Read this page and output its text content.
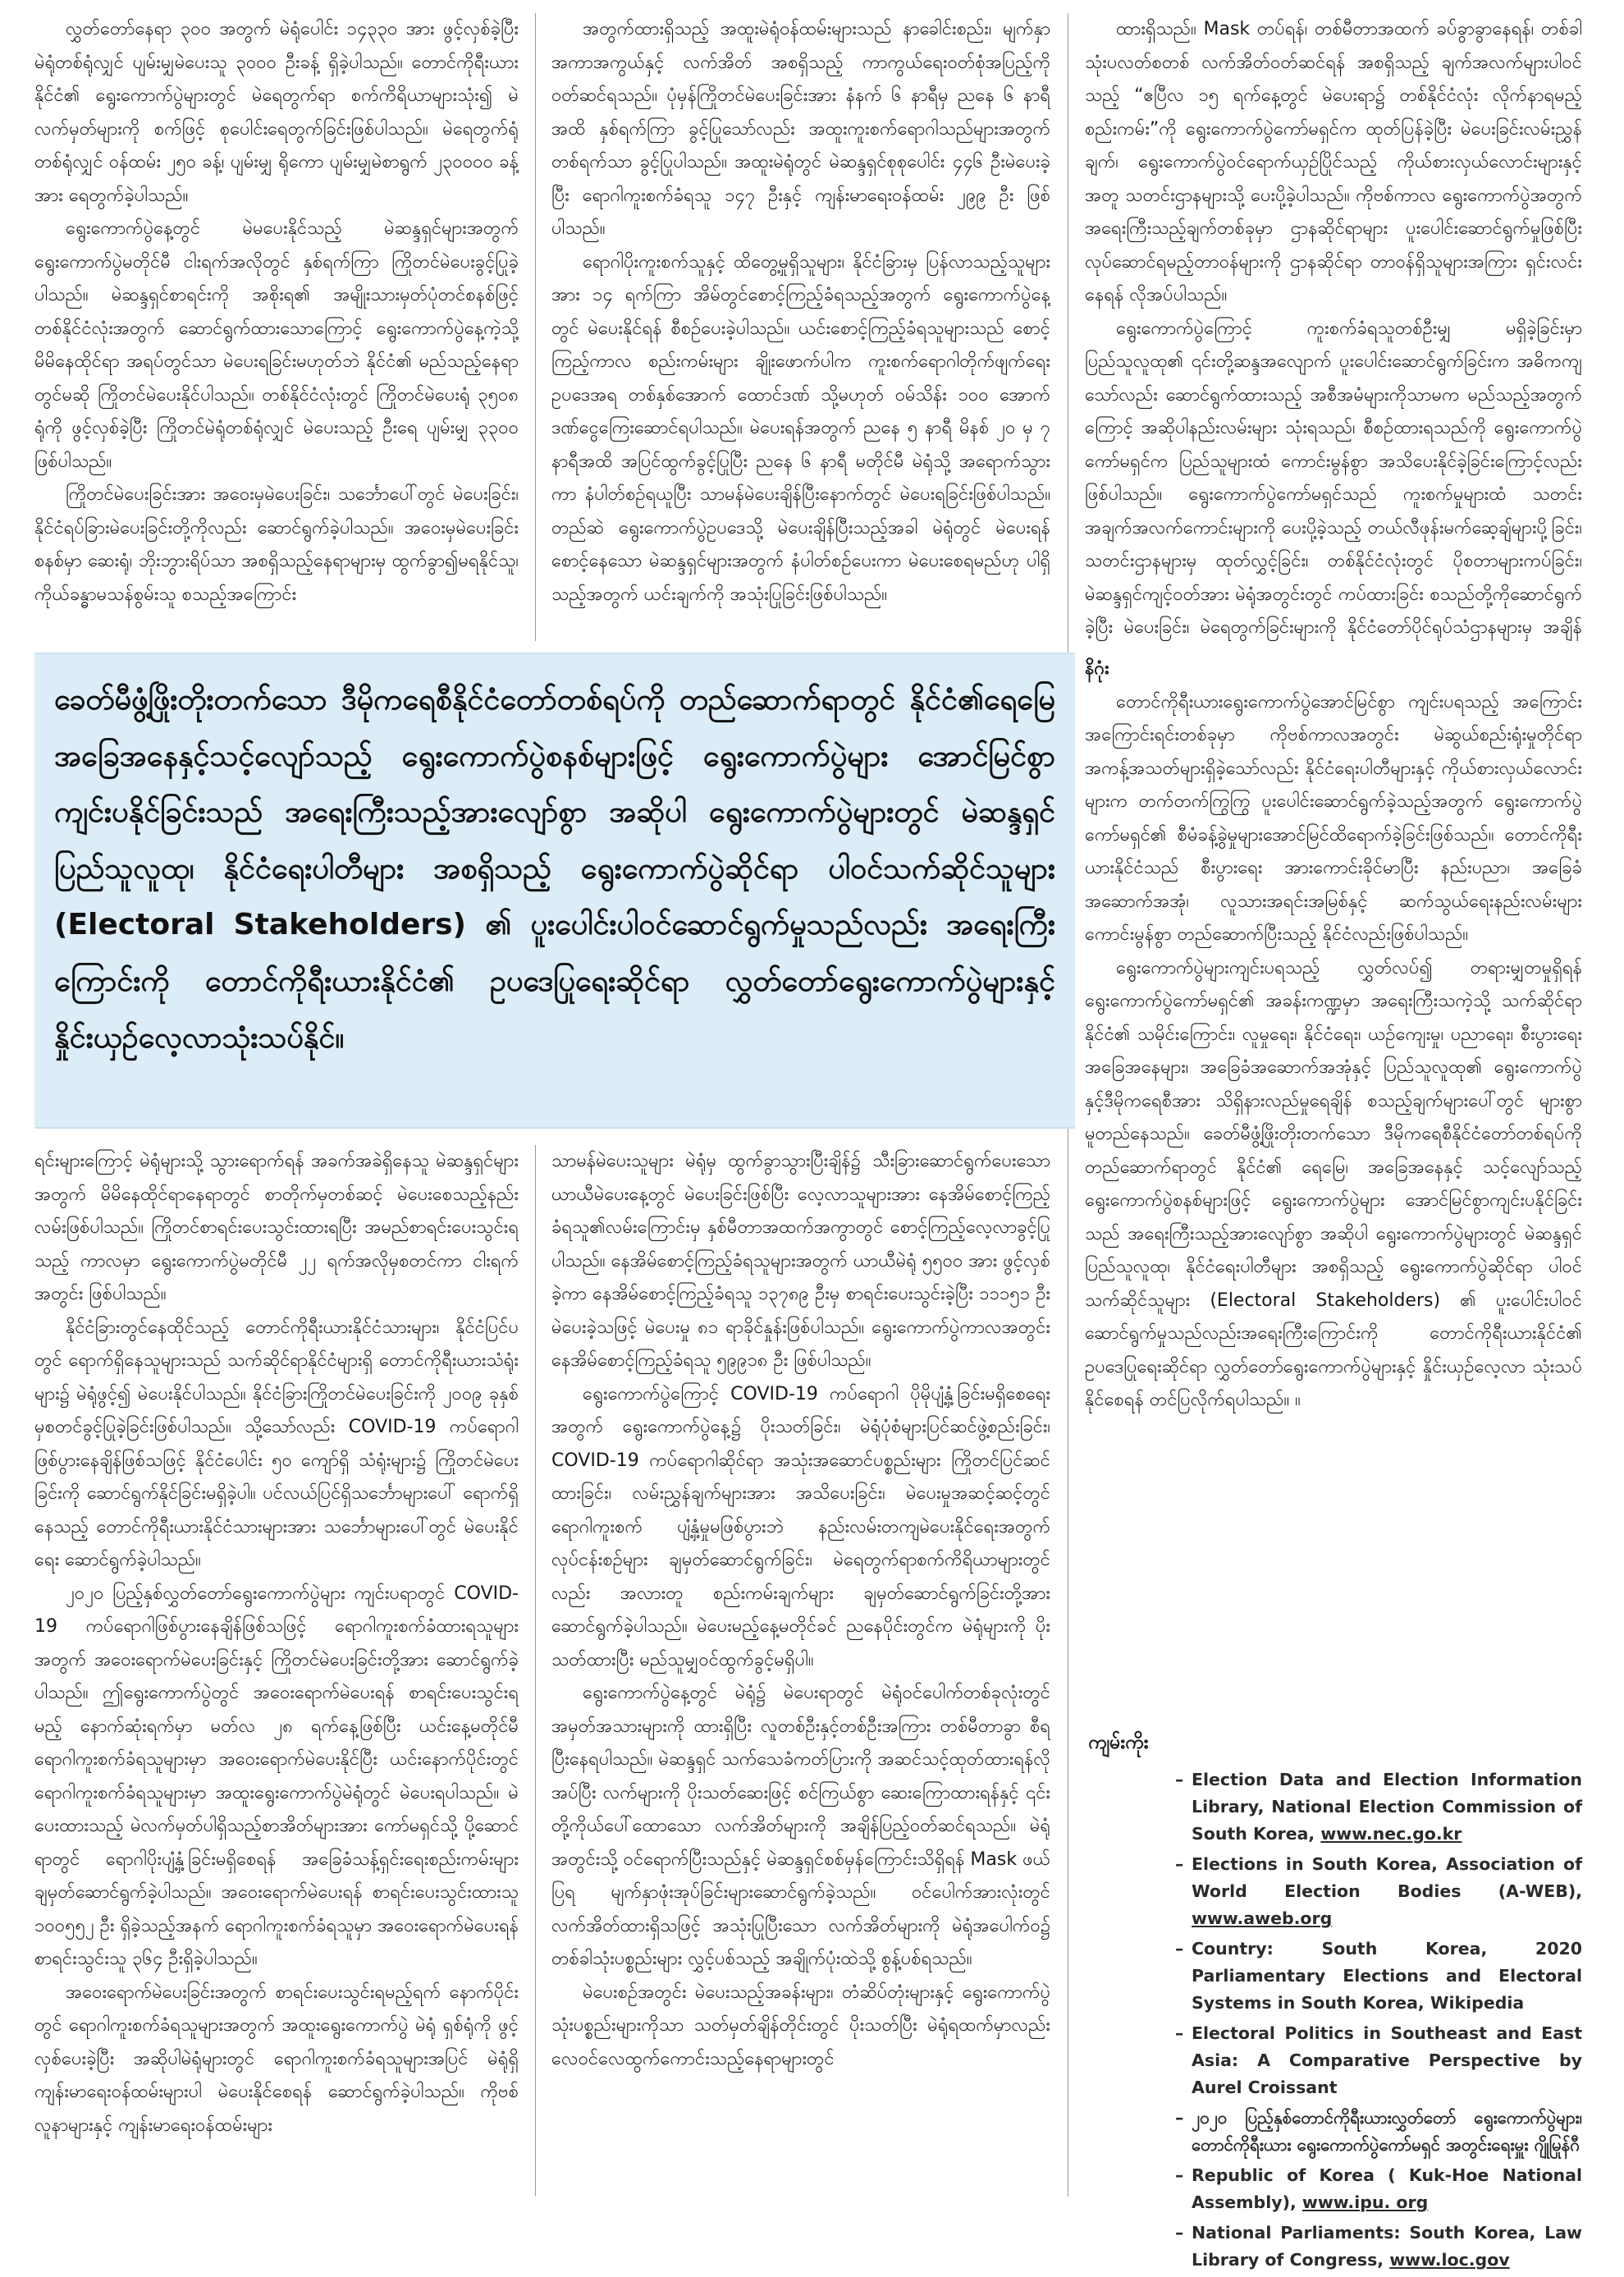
လွှတ်တော်နေရာ ၃၀၀ အတွက် မဲရုံပေါင်း ၁၄၃၃၀ အား ဖွင့်လှစ်ခဲ့ပြီး မဲရုံတစ်ရုံလျှင် ပျမ်းမျှမဲပေးသူ ၃၀၀၀ ဦးခန့် ရှိခဲ့ပါသည်။ တောင်ကိုရီးယားနိုင်ငံ၏ ရွေးကောက်ပွဲများတွင် မဲရေတွက်ရာ စက်ကိရိယာများသုံး၍ မဲလက်မှတ်များကို စက်ဖြင့် စုပေါင်းရေတွက်ခြင်းဖြစ်ပါသည်။ မဲရေတွက်ရုံတစ်ရုံလျှင် ဝန်ထမ်း ၂၅၀ ခန့်၊ ပျမ်းမျှ ရိုကော ပျမ်းမျှမဲစာရွက် ၂၃၀၀၀၀ ခန့်အား ရေတွက်ခဲ့ပါသည်။

ရွေးကောက်ပွဲနေ့တွင် မဲမပေးနိုင်သည့် မဲဆန္ဒရှင်များအတွက် ရွေးကောက်ပွဲမတိုင်မီ ငါးရက်အလိုတွင် နှစ်ရက်ကြာ ကြိုတင်မဲပေးခွင့်ပြုခဲ့ပါသည်။ မဲဆန္ဒရှင်စာရင်းကို အစိုးရ၏ အမျိုးသားမှတ်ပုံတင်စနစ်ဖြင့် တစ်နိုင်ငံလုံးအတွက် ဆောင်ရွက်ထားသောကြောင့် ရွေးကောက်ပွဲနေ့ကဲ့သို့ မိမိနေထိုင်ရာ အရပ်တွင်သာ မဲပေးရခြင်းမဟုတ်ဘဲ နိုင်ငံ၏ မည်သည့်နေရာတွင်မဆို ကြိုတင်မဲပေးနိုင်ပါသည်။ တစ်နိုင်ငံလုံးတွင် ကြိုတင်မဲပေးရုံ ၃၅၀၈ ရုံကို ဖွင့်လှစ်ခဲ့ပြီး ကြိုတင်မဲရုံတစ်ရုံလျှင် မဲပေးသည့် ဦးရေ ပျမ်းမျှ ၃၃၀၀ ဖြစ်ပါသည်။

ကြိုတင်မဲပေးခြင်းအား အဝေးမှမဲပေးခြင်း၊ သင်္ဘောပေါ်တွင် မဲပေးခြင်း၊ နိုင်ငံရပ်ခြားမဲပေးခြင်းတို့ကိုလည်း ဆောင်ရွက်ခဲ့ပါသည်။ အဝေးမှမဲပေးခြင်းစနစ်မှာ ဆေးရုံ၊ ဘိုးဘွားရိပ်သာ အစရှိသည့်နေရာများမှ ထွက်ခွာ၍မရနိုင်သူ၊ ကိုယ်ခန္ဓာမသန်စွမ်းသူ စသည့်အကြောင်း

အတွက်ထားရှိသည့် အထူးမဲရုံဝန်ထမ်းများသည် နာခေါင်းစည်း၊ မျက်နှာအကာအကွယ်နှင့် လက်အိတ် အစရှိသည့် ကာကွယ်ရေးဝတ်စုံအပြည့်ကို ဝတ်ဆင်ရသည်။ ပုံမှန်ကြိုတင်မဲပေးခြင်းအား နံနက် ၆ နာရီမှ ညနေ ၆ နာရီအထိ နှစ်ရက်ကြာ ခွင့်ပြုသော်လည်း အထူးကူးစက်ရောဂါသည်များအတွက် တစ်ရက်သာ ခွင့်ပြုပါသည်။ အထူးမဲရုံတွင် မဲဆန္ဒရှင်စုစုပေါင်း ၄၄၆ ဦးမဲပေးခဲ့ပြီး ရောဂါကူးစက်ခံရသူ ၁၄၇ ဦးနှင့် ကျန်းမာရေးဝန်ထမ်း ၂၉၉ ဦး ဖြစ်ပါသည်။

ရောဂါပိုးကူးစက်သူနှင့် ထိတွေ့မှုရှိသူများ၊ နိုင်ငံခြားမှ ပြန်လာသည့်သူများအား ၁၄ ရက်ကြာ အိမ်တွင်စောင့်ကြည့်ခံရသည့်အတွက် ရွေးကောက်ပွဲနေ့တွင် မဲပေးနိုင်ရန် စီစဉ်ပေးခဲ့ပါသည်။ ယင်းစောင့်ကြည့်ခံရသူများသည် စောင့်ကြည့်ကာလ စည်းကမ်းများ ချိုးဖောက်ပါက ကူးစက်ရောဂါတိုက်ဖျက်ရေးဥပဒေအရ တစ်နှစ်အောက် ထောင်ဒဏ် သို့မဟုတ် ဝမ်သိန်း ၁၀၀ အောက် ဒဏ်ငွေကြေးဆောင်ရပါသည်။ မဲပေးရန်အတွက် ညနေ ၅ နာရီ မိနစ် ၂၀ မှ ၇ နာရီအထိ အပြင်ထွက်ခွင့်ပြုပြီး ညနေ ၆ နာရီ မတိုင်မီ မဲရုံသို့ အရောက်သွားကာ နံပါတ်စဉ်ရယူပြီး သာမန်မဲပေးချိန်ပြီးနောက်တွင် မဲပေးရခြင်းဖြစ်ပါသည်။ တည်ဆဲ ရွေးကောက်ပွဲဥပဒေသို့ မဲပေးချိန်ပြီးသည့်အခါ မဲရုံတွင် မဲပေးရန်စောင့်နေသော မဲဆန္ဒရှင်များအတွက် နံပါတ်စဉ်ပေးကာ မဲပေးစေရမည်ဟု ပါရှိသည့်အတွက် ယင်းချက်ကို အသုံးပြုခြင်းဖြစ်ပါသည်။

ထားရှိသည်။ Mask တပ်ရန်၊ တစ်မီတာအထက် ခပ်ခွာခွာနေရန်၊ တစ်ခါသုံးပလတ်စတစ် လက်အိတ်ဝတ်ဆင်ရန် အစရှိသည့် ချက်အလက်များပါဝင်သည့် “ဧပြီလ ၁၅ ရက်နေ့တွင် မဲပေးရာ၌ တစ်နိုင်ငံလုံး လိုက်နာရမည့်စည်းကမ်း”ကို ရွေးကောက်ပွဲကော်မရှင်က ထုတ်ပြန်ခဲ့ပြီး မဲပေးခြင်းလမ်းညွှန်ချက်၊ ရွေးကောက်ပွဲဝင်ရောက်ယှဉ်ပြိုင်သည့် ကိုယ်စားလှယ်လောင်းများနှင့်အတူ သတင်းဌာနများသို့ ပေးပို့ခဲ့ပါသည်။ ကိုဗစ်ကာလ ရွေးကောက်ပွဲအတွက် အရေးကြီးသည့်ချက်တစ်ခုမှာ ဌာနဆိုင်ရာများ ပူးပေါင်းဆောင်ရွက်မှုဖြစ်ပြီး လုပ်ဆောင်ရမည့်တာဝန်များကို ဌာနဆိုင်ရာ တာဝန်ရှိသူများအကြား ရှင်းလင်းနေရန် လိုအပ်ပါသည်။

ရွေးကောက်ပွဲကြောင့် ကူးစက်ခံရသူတစ်ဦးမျှ မရှိခဲ့ခြင်းမှာ ပြည်သူလူထု၏ ၎င်းတို့ဆန္ဒအလျောက် ပူးပေါင်းဆောင်ရွက်ခြင်းက အဓိကကျသော်လည်း ဆောင်ရွက်ထားသည့် အစီအမံများကိုသာမက မည်သည့်အတွက်ကြောင့် အဆိုပါနည်းလမ်းများ သုံးရသည်၊ စီစဉ်ထားရသည်ကို ရွေးကောက်ပွဲကော်မရှင်က ပြည်သူများထံ ကောင်းမွန်စွာ အသိပေးနိုင်ခဲ့ခြင်းကြောင့်လည်း ဖြစ်ပါသည်။ ရွေးကောက်ပွဲကော်မရှင်သည် ကူးစက်မှုများထံ သတင်းအချက်အလက်ကောင်းများကို ပေးပို့ခဲ့သည့် တယ်လီဖုန်းမက်ဆေ့ချ်များပို့ခြင်း၊ သတင်းဌာနများမှ ထုတ်လွှင့်ခြင်း၊ တစ်နိုင်ငံလုံးတွင် ပိုစတာများကပ်ခြင်း၊ မဲဆန္ဒရှင်ကျင့်ဝတ်အား မဲရုံအတွင်းတွင် ကပ်ထားခြင်း စသည်တို့ကိုဆောင်ရွက်ခဲ့ပြီး မဲပေးခြင်း၊ မဲရေတွက်ခြင်းများကို နိုင်ငံတော်ပိုင်ရုပ်သံဌာနများမှ အချိန်

ခေတ်မီဖွံ့ဖြိုးတိုးတက်သော ဒီမိုကရေစီနိုင်ငံတော်တစ်ရပ်ကို တည်ဆောက်ရာတွင် နိုင်ငံ၏ရေမြေ အခြေအနေနှင့်သင့်လျော်သည့် ရွေးကောက်ပွဲစနစ်များဖြင့် ရွေးကောက်ပွဲများ အောင်မြင်စွာကျင်းပနိုင်ခြင်းသည် အရေးကြီးသည့်အားလျော်စွာ အဆိုပါ ရွေးကောက်ပွဲများတွင် မဲဆန္ဒရှင်ပြည်သူလူထု၊ နိုင်ငံရေးပါတီများ အစရှိသည့် ရွေးကောက်ပွဲဆိုင်ရာ ပါဝင်သက်ဆိုင်သူများ (Electoral Stakeholders) ၏ ပူးပေါင်းပါဝင်ဆောင်ရွက်မှုသည်လည်း အရေးကြီးကြောင်းကို တောင်ကိုရီးယားနိုင်ငံ၏ ဥပဒေပြုရေးဆိုင်ရာ လွှတ်တော်ရွေးကောက်ပွဲများနှင့် နှိုင်းယှဉ်လေ့လာသုံးသပ်နိုင်။

နိဂုံး

တောင်ကိုရီးယားရွေးကောက်ပွဲအောင်မြင်စွာ ကျင်းပရသည့် အကြောင်းအကြောင်းရင်းတစ်ခုမှာ ကိုဗစ်ကာလအတွင်း မဲဆွယ်စည်းရုံးမှုတိုင်ရာ အကန့်အသတ်များရှိခဲ့သော်လည်း နိုင်ငံရေးပါတီများနှင့် ကိုယ်စားလှယ်လောင်းများက တက်တက်ကြွကြွ ပူးပေါင်းဆောင်ရွက်ခဲ့သည့်အတွက် ရွေးကောက်ပွဲကော်မရှင်၏ စီမံခန့်ခွဲမှုများအောင်မြင်ထိရောက်ခဲ့ခြင်းဖြစ်သည်။ တောင်ကိုရီးယားနိုင်ငံသည် စီးပွားရေး အားကောင်းခိုင်မာပြီး နည်းပညာ၊ အခြေခံအဆောက်အအုံ၊ လူသားအရင်းအမြစ်နှင့် ဆက်သွယ်ရေးနည်းလမ်းများ ကောင်းမွန်စွာ တည်ဆောက်ပြီးသည့် နိုင်ငံလည်းဖြစ်ပါသည်။

ရွေးကောက်ပွဲများကျင်းပရသည့် လွှတ်လပ်၍ တရားမျှတမှုရှိရန် ရွေးကောက်ပွဲကော်မရှင်၏ အခန်းကဏ္ဍမှာ အရေးကြီးသကဲ့သို့ သက်ဆိုင်ရာနိုင်ငံ၏ သမိုင်းကြောင်း၊ လူမှုရေး၊ နိုင်ငံရေး၊ ယဉ်ကျေးမှု၊ ပညာရေး၊ စီးပွားရေးအခြေအနေများ၊ အခြေခံအဆောက်အအုံနှင့် ပြည်သူလူထု၏ ရွေးကောက်ပွဲနှင့်ဒီမိုကရေစီအား သိရှိနားလည်မှုရေချိန် စသည့်ချက်များပေါ်တွင် များစွာမူတည်နေသည်။ ခေတ်မီဖွံ့ဖြိုးတိုးတက်သော ဒီမိုကရေစီနိုင်ငံတော်တစ်ရပ်ကို တည်ဆောက်ရာတွင် နိုင်ငံ၏ ရေမြေ၊ အခြေအနေနှင့် သင့်လျော်သည့် ရွေးကောက်ပွဲစနစ်များဖြင့် ရွေးကောက်ပွဲများ အောင်မြင်စွာကျင်းပနိုင်ခြင်းသည် အရေးကြီးသည့်အားလျော်စွာ အဆိုပါ ရွေးကောက်ပွဲများတွင် မဲဆန္ဒရှင်ပြည်သူလူထု၊ နိုင်ငံရေးပါတီများ အစရှိသည့် ရွေးကောက်ပွဲဆိုင်ရာ ပါဝင်သက်ဆိုင်သူများ (Electoral Stakeholders) ၏ ပူးပေါင်းပါဝင်ဆောင်ရွက်မှုသည်လည်းအရေးကြီးကြောင်းကို တောင်ကိုရီးယားနိုင်ငံ၏ ဥပဒေပြုရေးဆိုင်ရာ လွှတ်တော်ရွေးကောက်ပွဲများနှင့် နှိုင်းယှဉ်လေ့လာ သုံးသပ်နိုင်စေရန် တင်ပြလိုက်ရပါသည်။ ။

ရင်းများကြောင့် မဲရုံများသို့ သွားရောက်ရန် အခက်အခဲရှိနေသူ မဲဆန္ဒရှင်များအတွက် မိမိနေထိုင်ရာနေရာတွင် စာတိုက်မှတစ်ဆင့် မဲပေးစေသည့်နည်းလမ်းဖြစ်ပါသည်။ ကြိုတင်စာရင်းပေးသွင်းထားရပြီး အမည်စာရင်းပေးသွင်းရသည့် ကာလမှာ ရွေးကောက်ပွဲမတိုင်မီ ၂၂ ရက်အလိုမှစတင်ကာ ငါးရက်အတွင်း ဖြစ်ပါသည်။

နိုင်ငံခြားတွင်နေထိုင်သည့် တောင်ကိုရီးယားနိုင်ငံသားများ၊ နိုင်ငံပြင်ပတွင် ရောက်ရှိနေသူများသည် သက်ဆိုင်ရာနိုင်ငံများရှိ တောင်ကိုရီးယားသံရုံးများ၌ မဲရုံဖွင့်၍ မဲပေးနိုင်ပါသည်။ နိုင်ငံခြားကြိုတင်မဲပေးခြင်းကို ၂၀၀၉ ခုနှစ်မှစတင်ခွင့်ပြုခဲ့ခြင်းဖြစ်ပါသည်။ သို့သော်လည်း COVID-19 ကပ်ရောဂါ ဖြစ်ပွားနေချိန်ဖြစ်သဖြင့် နိုင်ငံပေါင်း ၅၀ ကျော်ရှိ သံရုံးများ၌ ကြိုတင်မဲပေးခြင်းကို ဆောင်ရွက်နိုင်ခြင်းမရှိခဲ့ပါ။ ပင်လယ်ပြင်ရှိသင်္ဘောများပေါ် ရောက်ရှိနေသည့် တောင်ကိုရီးယားနိုင်ငံသားများအား သင်္ဘောများပေါ်တွင် မဲပေးနိုင်ရေး ဆောင်ရွက်ခဲ့ပါသည်။

၂၀၂၀ ပြည့်နှစ်လွှတ်တော်ရွေးကောက်ပွဲများ ကျင်းပရာတွင် COVID-19 ကပ်ရောဂါဖြစ်ပွားနေချိန်ဖြစ်သဖြင့် ရောဂါကူးစက်ခံထားရသူများအတွက် အဝေးရောက်မဲပေးခြင်းနှင့် ကြိုတင်မဲပေးခြင်းတို့အား ဆောင်ရွက်ခဲ့ပါသည်။ ဤရွေးကောက်ပွဲတွင် အဝေးရောက်မဲပေးရန် စာရင်းပေးသွင်းရမည့် နောက်ဆုံးရက်မှာ မတ်လ ၂၈ ရက်နေ့ဖြစ်ပြီး ယင်းနေ့မတိုင်မီ ရောဂါကူးစက်ခံရသူများမှာ အဝေးရောက်မဲပေးနိုင်ပြီး ယင်းနောက်ပိုင်းတွင် ရောဂါကူးစက်ခံရသူများမှာ အထူးရွေးကောက်ပွဲမဲရုံတွင် မဲပေးရပါသည်။ မဲပေးထားသည့် မဲလက်မှတ်ပါရှိသည့်စာအိတ်များအား ကော်မရှင်သို့ ပို့ဆောင်ရာတွင် ရောဂါပိုးပျံ့နှံ့ခြင်းမရှိစေရန် အခြေခံသန့်ရှင်းရေးစည်းကမ်းများ ချမှတ်ဆောင်ရွက်ခဲ့ပါသည်။ အဝေးရောက်မဲပေးရန် စာရင်းပေးသွင်းထားသူ ၁၀၀၅၅၂ ဦး ရှိခဲ့သည့်အနက် ရောဂါကူးစက်ခံရသူမှာ အဝေးရောက်မဲပေးရန် စာရင်းသွင်းသူ ၃၆၄ ဦးရှိခဲ့ပါသည်။

အဝေးရောက်မဲပေးခြင်းအတွက် စာရင်းပေးသွင်းရမည့်ရက် နောက်ပိုင်းတွင် ရောဂါကူးစက်ခံရသူများအတွက် အထူးရွေးကောက်ပွဲ မဲရုံ ရှစ်ရုံကို ဖွင့်လှစ်ပေးခဲ့ပြီး အဆိုပါမဲရုံများတွင် ရောဂါကူးစက်ခံရသူများအပြင် မဲရုံရှိ ကျန်းမာရေးဝန်ထမ်းများပါ မဲပေးနိုင်စေရန် ဆောင်ရွက်ခဲ့ပါသည်။ ကိုဗစ်လူနာများနှင့် ကျန်းမာရေးဝန်ထမ်းများ

သာမန်မဲပေးသူများ မဲရုံမှ ထွက်ခွာသွားပြီးချိန်၌ သီးခြားဆောင်ရွက်ပေးသော ယာယီမဲပေးနေ့တွင် မဲပေးခြင်းဖြစ်ပြီး လေ့လာသူများအား နေအိမ်စောင့်ကြည့်ခံရသူ၏လမ်းကြောင်းမှ နှစ်မီတာအထက်အကွာတွင် စောင့်ကြည့်လေ့လာခွင့်ပြုပါသည်။ နေအိမ်စောင့်ကြည့်ခံရသူများအတွက် ယာယီမဲရုံ ၅၅၀၀ အား ဖွင့်လှစ်ခဲ့ကာ နေအိမ်စောင့်ကြည့်ခံရသူ ၁၃၇၈၉ ဦးမှ စာရင်းပေးသွင်းခဲ့ပြီး ၁၁၁၅၁ ဦးမဲပေးခဲ့သဖြင့် မဲပေးမှု ၈၁ ရာခိုင်နှုန်းဖြစ်ပါသည်။ ရွေးကောက်ပွဲကာလအတွင်း နေအိမ်စောင့်ကြည့်ခံရသူ ၅၉၉၁၈ ဦး ဖြစ်ပါသည်။

ရွေးကောက်ပွဲကြောင့် COVID-19 ကပ်ရောဂါ ပိုမိုပျံ့နှံ့ခြင်းမရှိစေရေးအတွက် ရွေးကောက်ပွဲနေ့၌ ပိုးသတ်ခြင်း၊ မဲရုံပုံစံများပြင်ဆင်ဖွဲ့စည်းခြင်း၊ COVID-19 ကပ်ရောဂါဆိုင်ရာ အသုံးအဆောင်ပစ္စည်းများ ကြိုတင်ပြင်ဆင်ထားခြင်း၊ လမ်းညွှန်ချက်များအား အသိပေးခြင်း၊ မဲပေးမှုအဆင့်ဆင့်တွင် ရောဂါကူးစက် ပျံ့နှံ့မှုမဖြစ်ပွားဘဲ နည်းလမ်းတကျမဲပေးနိုင်ရေးအတွက် လုပ်ငန်းစဉ်များ ချမှတ်ဆောင်ရွက်ခြင်း၊ မဲရေတွက်ရာစက်ကိရိယာများတွင်လည်း အလားတူ စည်းကမ်းချက်များ ချမှတ်ဆောင်ရွက်ခြင်းတို့အား ဆောင်ရွက်ခဲ့ပါသည်။ မဲပေးမည့်နေ့မတိုင်ခင် ညနေပိုင်းတွင်က မဲရုံများကို ပိုးသတ်ထားပြီး မည်သူမျှဝင်ထွက်ခွင့်မရှိပါ။

ရွေးကောက်ပွဲနေ့တွင် မဲရုံ၌ မဲပေးရာတွင် မဲရုံဝင်ပေါက်တစ်ခုလုံးတွင် အမှတ်အသားများကို ထားရှိပြီး လူတစ်ဦးနှင့်တစ်ဦးအကြား တစ်မီတာခွာ စီရပြီးနေရပါသည်။ မဲဆန္ဒရှင် သက်သေခံကတ်ပြားကို အဆင်သင့်ထုတ်ထားရန်လိုအပ်ပြီး လက်များကို ပိုးသတ်ဆေးဖြင့် စင်ကြယ်စွာ ဆေးကြောထားရန်နှင့် ၎င်းတို့ကိုယ်ပေါ်ထောသော လက်အိတ်များကို အချိန်ပြည့်ဝတ်ဆင်ရသည်။ မဲရုံအတွင်းသို့ ဝင်ရောက်ပြီးသည်နှင့် မဲဆန္ဒရှင်စစ်မှန်ကြောင်းသိရှိရန် Mask ဖယ်ပြရ မျက်နှာဖုံးအုပ်ခြင်းများဆောင်ရွက်ခဲ့သည်။ ဝင်ပေါက်အားလုံးတွင် လက်အိတ်ထားရှိသဖြင့် အသုံးပြုပြီးသော လက်အိတ်များကို မဲရုံအပေါက်ဝ၌ တစ်ခါသုံးပစ္စည်းများ လွှင့်ပစ်သည့် အချိုက်ပုံးထဲသို့ စွန့်ပစ်ရသည်။

မဲပေးစဉ်အတွင်း မဲပေးသည့်အခန်းများ၊ တံဆိပ်တုံးများနှင့် ရွေးကောက်ပွဲသုံးပစ္စည်းများကိုသာ သတ်မှတ်ချိန်တိုင်းတွင် ပိုးသတ်ပြီး မဲရုံရထက်မှာလည်း လေဝင်လေထွက်ကောင်းသည့်နေရာများတွင်

ကျမ်းကိုး
– Election Data and Election Information Library, National Election Commission of South Korea, www.nec.go.kr
– Elections in South Korea, Association of World Election Bodies (A-WEB), www.aweb.org
– Country: South Korea, 2020 Parliamentary Elections and Electoral Systems in South Korea, Wikipedia
– Electoral Politics in Southeast and East Asia: A Comparative Perspective by Aurel Croissant
– ၂၀၂၀ ပြည့်နှစ်တောင်ကိုရီးယားလွှတ်တော် ရွေးကောက်ပွဲများ၊ တောင်ကိုရီးယား ရွေးကောက်ပွဲကော်မရှင် အတွင်းရေးမှူး ဂျိုမြုန်ဂီ
– Republic of Korea ( Kuk-Hoe National Assembly), www.ipu. org
– National Parliaments: South Korea, Law Library of Congress, www.loc.gov
